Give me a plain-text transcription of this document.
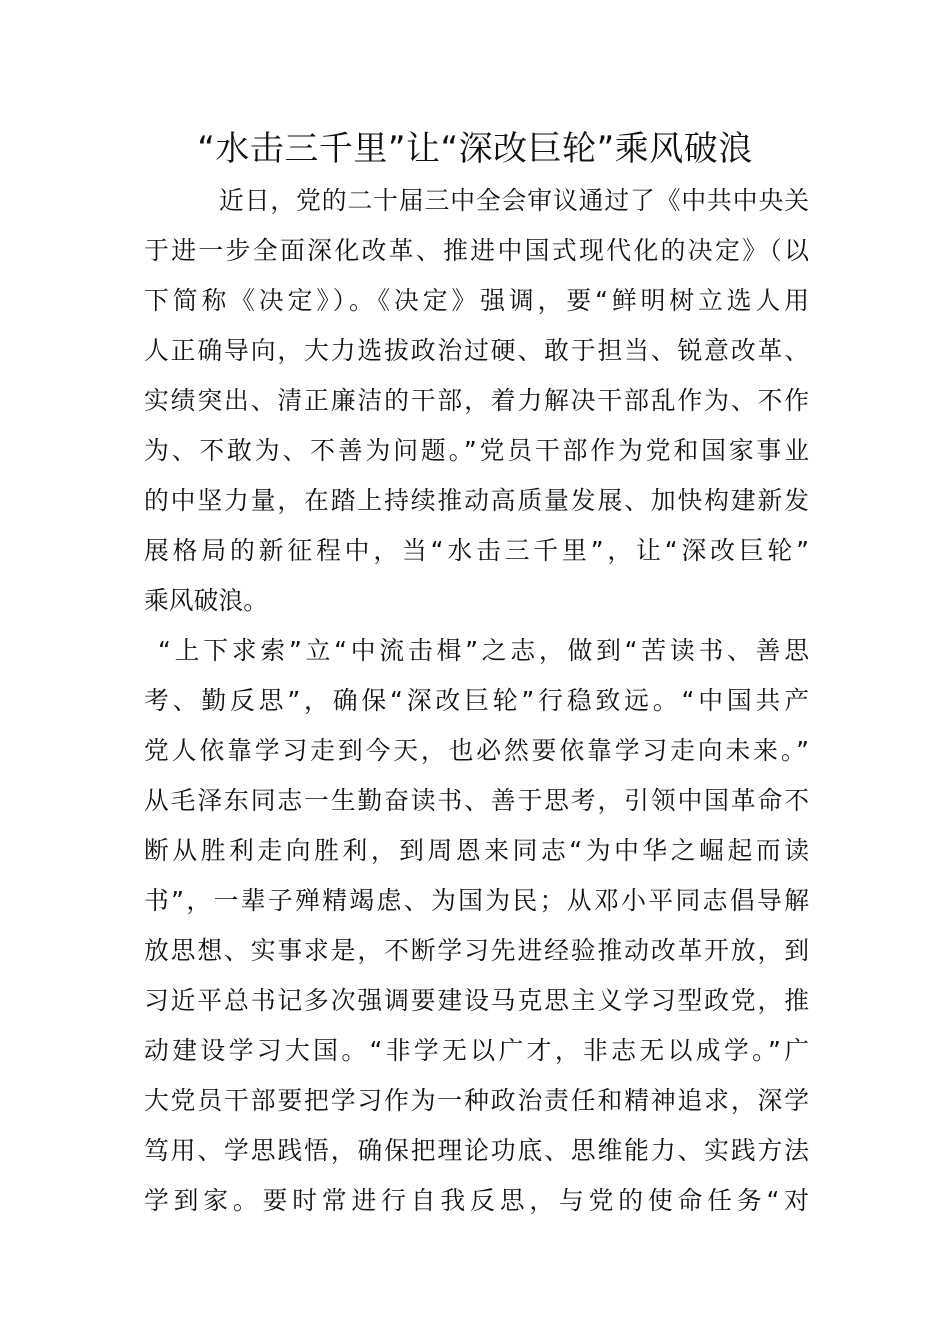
“水击三千里”让“深改巨轮”乘风破浪
近日，党的二十届三中全会审议通过了《中共中央关
于进一步全面深化改革、推进中国式现代化的决定》（以
下简称《决定》）。《决定》强调，要“鲜明树立选人用
人正确导向，大力选拔政治过硬、敢于担当、锐意改革、
实绩突出、清正廉洁的干部，着力解决干部乱作为、不作
为、不敢为、不善为问题。”党员干部作为党和国家事业
的中坚力量，在踏上持续推动高质量发展、加快构建新发
展格局的新征程中，当“水击三千里”，让“深改巨轮”
乘风破浪。
“上下求索”立“中流击楫”之志，做到“苦读书、善思
考、勤反思”，确保“深改巨轮”行稳致远。“中国共产
党人依靠学习走到今天，也必然要依靠学习走向未来。”
从毛泽东同志一生勤奋读书、善于思考，引领中国革命不
断从胜利走向胜利，到周恩来同志“为中华之崛起而读
书”，一辈子殚精竭虑、为国为民；从邓小平同志倡导解
放思想、实事求是，不断学习先进经验推动改革开放，到
习近平总书记多次强调要建设马克思主义学习型政党，推
动建设学习大国。“非学无以广才，非志无以成学。”广
大党员干部要把学习作为一种政治责任和精神追求，深学
笃用、学思践悟，确保把理论功底、思维能力、实践方法
学到家。要时常进行自我反思，与党的使命任务“对
